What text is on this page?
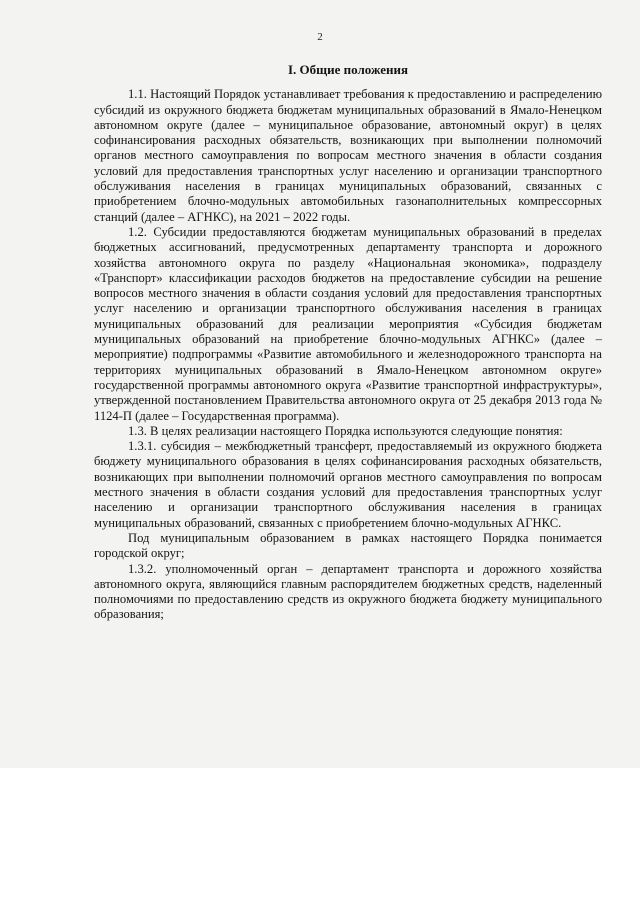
2

I. Общие положения

1.1. Настоящий Порядок устанавливает требования к предоставлению и распределению субсидий из окружного бюджета бюджетам муниципальных образований в Ямало-Ненецком автономном округе (далее – муниципальное образование, автономный округ) в целях софинансирования расходных обязательств, возникающих при выполнении полномочий органов местного самоуправления по вопросам местного значения в области создания условий для предоставления транспортных услуг населению и организации транспортного обслуживания населения в границах муниципальных образований, связанных с приобретением блочно-модульных автомобильных газонаполнительных компрессорных станций (далее – АГНКС), на 2021 – 2022 годы.

1.2. Субсидии предоставляются бюджетам муниципальных образований в пределах бюджетных ассигнований, предусмотренных департаменту транспорта и дорожного хозяйства автономного округа по разделу «Национальная экономика», подразделу «Транспорт» классификации расходов бюджетов на предоставление субсидии на решение вопросов местного значения в области создания условий для предоставления транспортных услуг населению и организации транспортного обслуживания населения в границах муниципальных образований для реализации мероприятия «Субсидия бюджетам муниципальных образований на приобретение блочно-модульных АГНКС» (далее – мероприятие) подпрограммы «Развитие автомобильного и железнодорожного транспорта на территориях муниципальных образований в Ямало-Ненецком автономном округе» государственной программы автономного округа «Развитие транспортной инфраструктуры», утвержденной постановлением Правительства автономного округа от 25 декабря 2013 года № 1124-П (далее – Государственная программа).

1.3. В целях реализации настоящего Порядка используются следующие понятия:

1.3.1. субсидия – межбюджетный трансферт, предоставляемый из окружного бюджета бюджету муниципального образования в целях софинансирования расходных обязательств, возникающих при выполнении полномочий органов местного самоуправления по вопросам местного значения в области создания условий для предоставления транспортных услуг населению и организации транспортного обслуживания населения в границах муниципальных образований, связанных с приобретением блочно-модульных АГНКС.

Под муниципальным образованием в рамках настоящего Порядка понимается городской округ;

1.3.2. уполномоченный орган – департамент транспорта и дорожного хозяйства автономного округа, являющийся главным распорядителем бюджетных средств, наделенный полномочиями по предоставлению средств из окружного бюджета бюджету муниципального образования;
